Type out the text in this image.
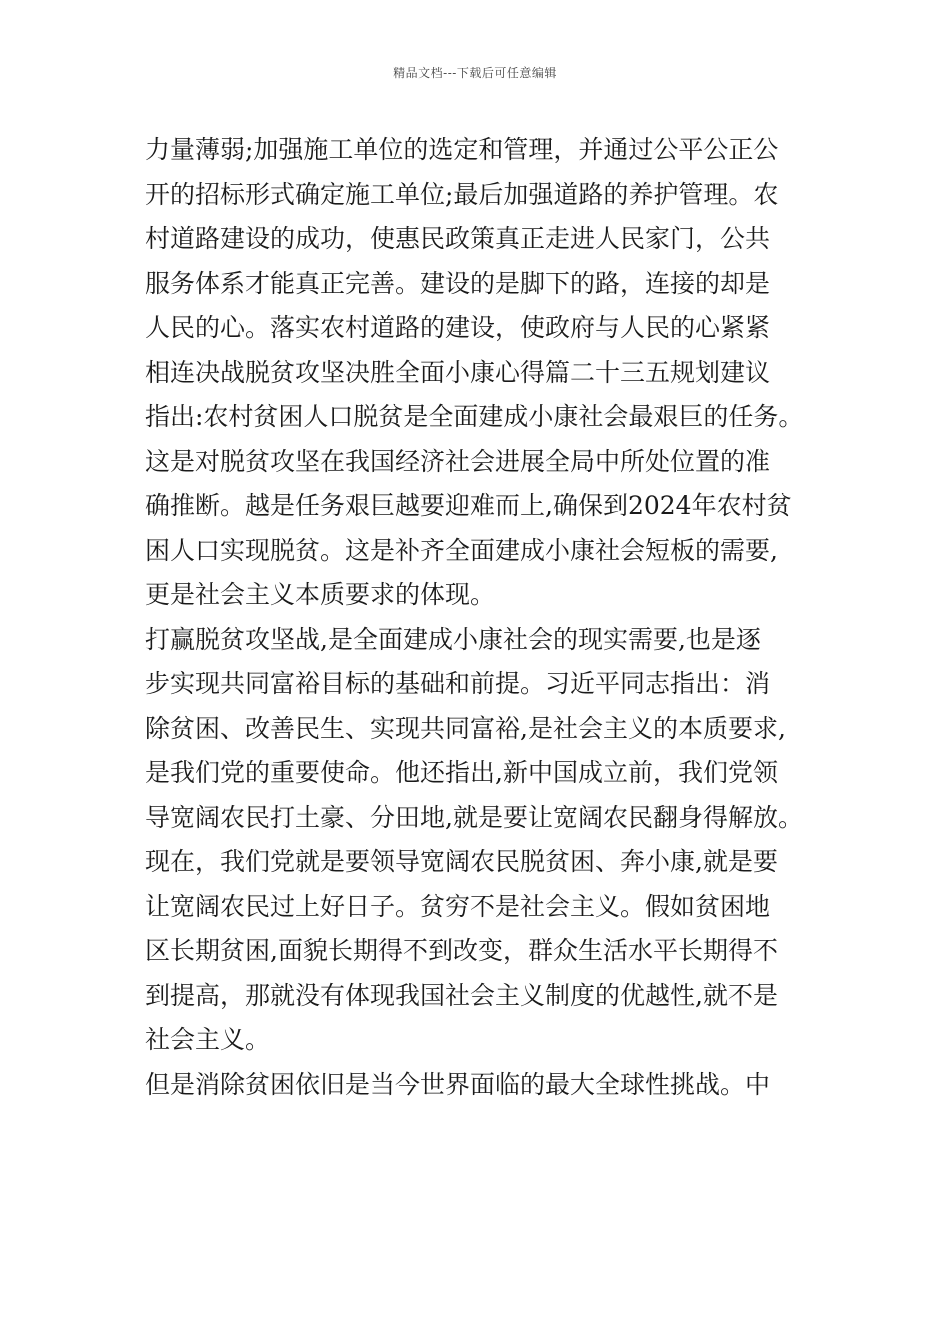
精品文档---下载后可任意编辑
力量薄弱;加强施工单位的选定和管理，并通过公平公正公
开的招标形式确定施工单位;最后加强道路的养护管理。农
村道路建设的成功，使惠民政策真正走进人民家门，公共
服务体系才能真正完善。建设的是脚下的路，连接的却是
人民的心。落实农村道路的建设，使政府与人民的心紧紧
相连决战脱贫攻坚决胜全面小康心得篇二十三五规划建议
指出:农村贫困人口脱贫是全面建成小康社会最艰巨的任务。
这是对脱贫攻坚在我国经济社会进展全局中所处位置的准
确推断。越是任务艰巨越要迎难而上,确保到2024年农村贫
困人口实现脱贫。这是补齐全面建成小康社会短板的需要,
更是社会主义本质要求的体现。
打赢脱贫攻坚战,是全面建成小康社会的现实需要,也是逐
步实现共同富裕目标的基础和前提。习近平同志指出：消
除贫困、改善民生、实现共同富裕,是社会主义的本质要求,
是我们党的重要使命。他还指出,新中国成立前，我们党领
导宽阔农民打土豪、分田地,就是要让宽阔农民翻身得解放。
现在，我们党就是要领导宽阔农民脱贫困、奔小康,就是要
让宽阔农民过上好日子。贫穷不是社会主义。假如贫困地
区长期贫困,面貌长期得不到改变，群众生活水平长期得不
到提高，那就没有体现我国社会主义制度的优越性,就不是
社会主义。
但是消除贫困依旧是当今世界面临的最大全球性挑战。中
